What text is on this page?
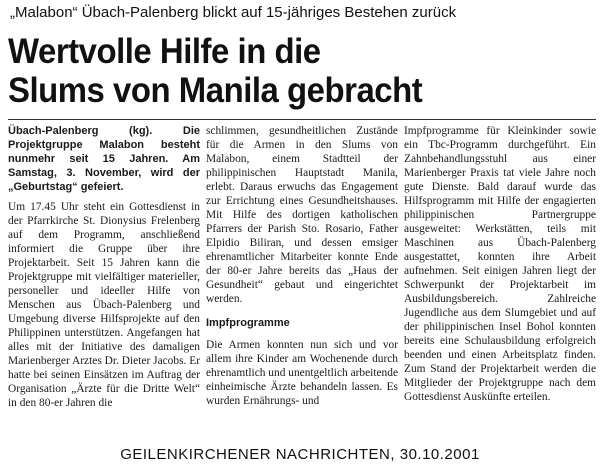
„Malabon“ Übach-Palenberg blickt auf 15-jähriges Bestehen zurück
Wertvolle Hilfe in die
Slums von Manila gebracht

Übach-Palenberg (kg). Die Projektgruppe Malabon besteht nunmehr seit 15 Jahren. Am Samstag, 3. November, wird der „Geburtstag“ gefeiert.

Um 17.45 Uhr steht ein Gottesdienst in der Pfarrkirche St. Dionysius Frelenberg auf dem Programm, anschließend informiert die Gruppe über ihre Projektarbeit. Seit 15 Jahren kann die Projektgruppe mit vielfältiger materieller, personeller und ideeller Hilfe von Menschen aus Übach-Palenberg und Umgebung diverse Hilfsprojekte auf den Philippinen unterstützen. Angefangen hat alles mit der Initiative des damaligen Marienberger Arztes Dr. Dieter Jacobs. Er hatte bei seinen Einsätzen im Auftrag der Organisation „Ärzte für die Dritte Welt“ in den 80-er Jahren die

schlimmen, gesundheitlichen Zustände für die Armen in den Slums von Malabon, einem Stadtteil der philippinischen Hauptstadt Manila, erlebt. Daraus erwuchs das Engagement zur Errichtung eines Gesundheitshauses. Mit Hilfe des dortigen katholischen Pfarrers der Parish Sto. Rosario, Father Elpidio Biliran, und dessen emsiger ehrenamtlicher Mitarbeiter konnte Ende der 80-er Jahre bereits das „Haus der Gesundheit“ gebaut und eingerichtet werden.

Impfprogramme

Die Armen konnten nun sich und vor allem ihre Kinder am Wochenende durch ehrenamtlich und unentgeltlich arbeitende einheimische Ärzte behandeln lassen. Es wurden Ernährungs- und

Impfprogramme für Kleinkinder sowie ein Tbc-Programm durchgeführt. Ein Zahnbehandlungsstuhl aus einer Marienberger Praxis tat viele Jahre noch gute Dienste. Bald darauf wurde das Hilfsprogramm mit Hilfe der engagierten philippinischen Partnergruppe ausgeweitet: Werkstätten, teils mit Maschinen aus Übach-Palenberg ausgestattet, konnten ihre Arbeit aufnehmen. Seit einigen Jahren liegt der Schwerpunkt der Projektarbeit im Ausbildungsbereich. Zahlreiche Jugendliche aus dem Slumgebiet und auf der philippinischen Insel Bohol konnten bereits eine Schulausbildung erfolgreich beenden und einen Arbeitsplatz finden. Zum Stand der Projektarbeit werden die Mitglieder der Projektgruppe nach dem Gottesdienst Auskünfte erteilen.

GEILENKIRCHENER NACHRICHTEN, 30.10.2001
